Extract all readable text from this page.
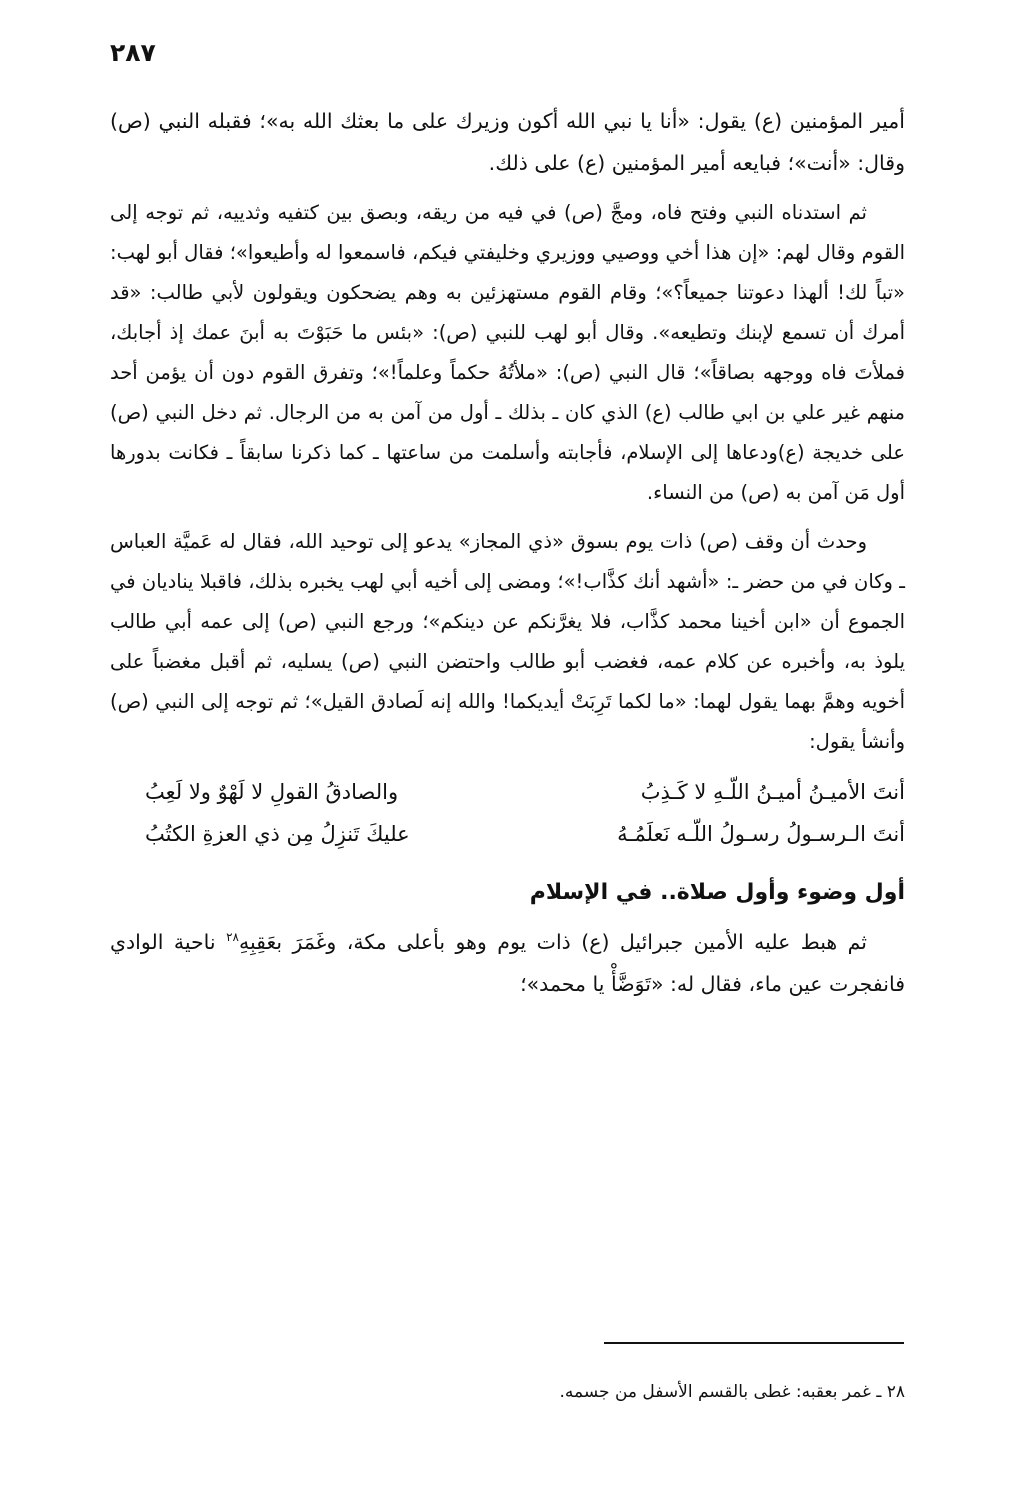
٢٨٧

أمير المؤمنين (ع) يقول: «أنا يا نبي الله أكون وزيرك على ما بعثك الله به»؛ فقبله النبي (ص) وقال: «أنت»؛ فبايعه أمير المؤمنين (ع) على ذلك.

ثم استدناه النبي وفتح فاه، ومجَّ (ص) في فيه من ريقه، وبصق بين كتفيه وثدييه، ثم توجه إلى القوم وقال لهم: «إن هذا أخي ووصيي ووزيري وخليفتي فيكم، فاسمعوا له وأطيعوا»؛ فقال أبو لهب: «تباً لك! ألهذا دعوتنا جميعاً؟»؛ وقام القوم مستهزئين به وهم يضحكون ويقولون لأبي طالب: «قد أمرك أن تسمع لإبنك وتطيعه». وقال أبو لهب للنبي (ص): «بئس ما حَبَوْتَ به أبنَ عمك إذ أجابك، فملأتَ فاه ووجهه بصاقاً»؛ قال النبي (ص): «ملأتُهُ حكماً وعلماً!»؛ وتفرق القوم دون أن يؤمن أحد منهم غير علي بن ابي طالب (ع) الذي كان ـ بذلك ـ أول من آمن به من الرجال. ثم دخل النبي (ص) على خديجة (ع)ودعاها إلى الإسلام، فأجابته وأسلمت من ساعتها ـ كما ذكرنا سابقاً ـ فكانت بدورها أول مَن آمن به (ص) من النساء.

وحدث أن وقف (ص) ذات يوم بسوق «ذي المجاز» يدعو إلى توحيد الله، فقال له عَميَّة العباس ـ وكان في من حضر ـ: «أشهد أنك كذَّاب!»؛ ومضى إلى أخيه أبي لهب يخبره بذلك، فاقبلا يناديان في الجموع أن «ابن أخينا محمد كذَّاب، فلا يغرَّنكم عن دينكم»؛ ورجع النبي (ص) إلى عمه أبي طالب يلوذ به، وأخبره عن كلام عمه، فغضب أبو طالب واحتضن النبي (ص) يسليه، ثم أقبل مغضباً على أخويه وهمَّ بهما يقول لهما: «ما لكما تَرِبَتْ أيديكما! والله إنه لَصادق القيل»؛ ثم توجه إلى النبي (ص) وأنشأ يقول:

أنتَ الأميـنُ أميـنُ اللّـهِ لا كَـذِبُ
والصادقُ القولِ لا لَهْوٌ ولا لَعِبُ
أنتَ الـرسـولُ رسـولُ اللّـه نَعلَمُـهُ
عليكَ تَنزِلُ مِن ذي العزةِ الكتُبُ
أول وضوء وأول صلاة.. في الإسلام

ثم هبط عليه الأمين جبرائيل (ع) ذات يوم وهو بأعلى مكة، وغَمَرَ بعَقِبِهِ$^{٢٨}$ ناحية الوادي فانفجرت عين ماء، فقال له: «تَوَضَّأْ يا محمد»؛

٢٨ ـ غمر بعقبه: غطى بالقسم الأسفل من جسمه.
